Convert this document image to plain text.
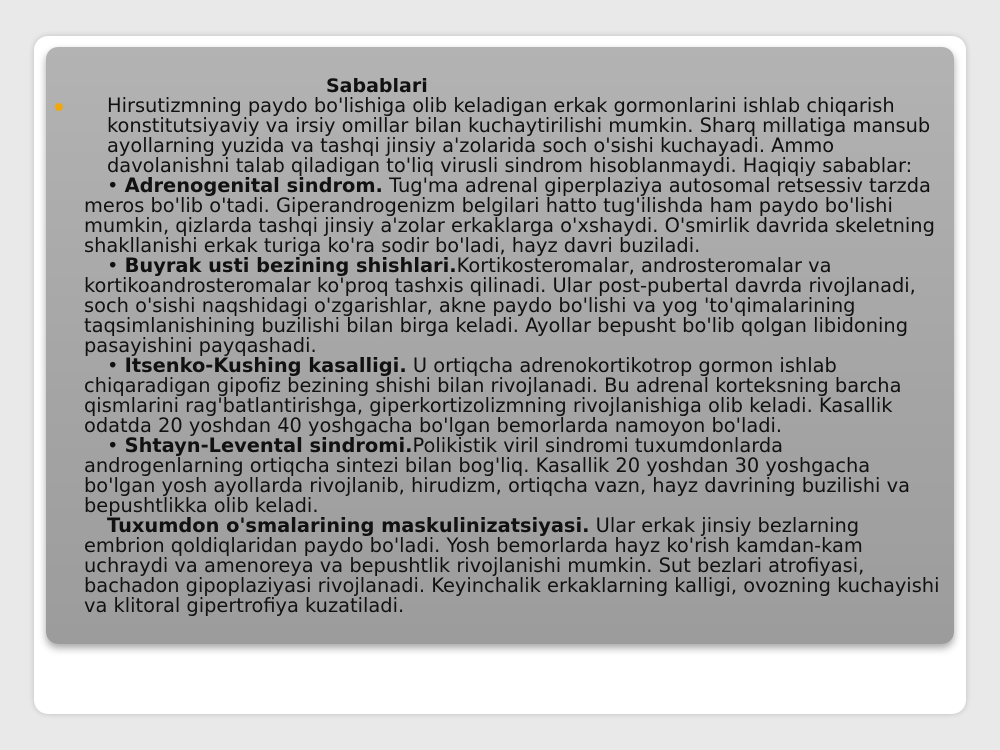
Sabablari

Hirsutizmning paydo bo'lishiga olib keladigan erkak gormonlarini ishlab chiqarish konstitutsiyaviy va irsiy omillar bilan kuchaytirilishi mumkin. Sharq millatiga mansub ayollarning yuzida va tashqi jinsiy a'zolarida soch o'sishi kuchayadi. Ammo davolanishni talab qiladigan to'liq virusli sindrom hisoblanmaydi. Haqiqiy sabablar:

• Adrenogenital sindrom. Tug'ma adrenal giperplaziya autosomal retsessiv tarzda meros bo'lib o'tadi. Giperandrogenizm belgilari hatto tug'ilishda ham paydo bo'lishi mumkin, qizlarda tashqi jinsiy a'zolar erkaklarga o'xshaydi. O'smirlik davrida skeletning shakllanishi erkak turiga ko'ra sodir bo'ladi, hayz davri buziladi.

• Buyrak usti bezining shishlari.Kortikosteromalar, androsteromalar va kortikoandrosteromalar ko'proq tashxis qilinadi. Ular post-pubertal davrda rivojlanadi, soch o'sishi naqshidagi o'zgarishlar, akne paydo bo'lishi va yog 'to'qimalarining taqsimlanishining buzilishi bilan birga keladi. Ayollar bepusht bo'lib qolgan libidoning pasayishini payqashadi.

• Itsenko-Kushing kasalligi. U ortiqcha adrenokortikotrop gormon ishlab chiqaradigan gipofiz bezining shishi bilan rivojlanadi. Bu adrenal korteksning barcha qismlarini rag'batlantirishga, giperkortizolizmning rivojlanishiga olib keladi. Kasallik odatda 20 yoshdan 40 yoshgacha bo'lgan bemorlarda namoyon bo'ladi.

• Shtayn-Levental sindromi.Polikistik viril sindromi tuxumdonlarda androgenlarning ortiqcha sintezi bilan bog'liq. Kasallik 20 yoshdan 30 yoshgacha bo'lgan yosh ayollarda rivojlanib, hirudizm, ortiqcha vazn, hayz davrining buzilishi va bepushtlikka olib keladi.

Tuxumdon o'smalarining maskulinizatsiyasi. Ular erkak jinsiy bezlarning embrion qoldiqlaridan paydo bo'ladi. Yosh bemorlarda hayz ko'rish kamdan-kam uchraydi va amenoreya va bepushtlik rivojlanishi mumkin. Sut bezlari atrofiyasi, bachadon gipoplaziyasi rivojlanadi. Keyinchalik erkaklarning kalligi, ovozning kuchayishi va klitoral gipertrofiya kuzatiladi.
